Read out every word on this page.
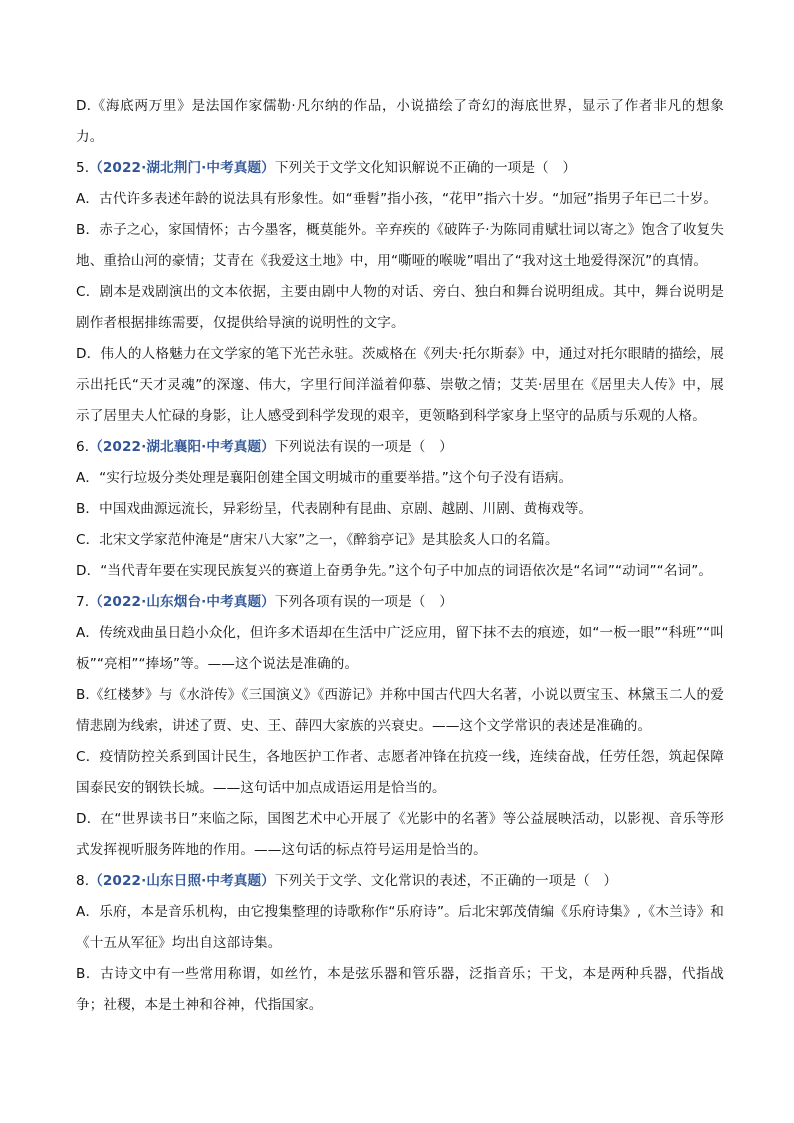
D.《海底两万里》是法国作家儒勒·凡尔纳的作品，小说描绘了奇幻的海底世界，显示了作者非凡的想象力。

5.（2022·湖北荆门·中考真题）下列关于文学文化知识解说不正确的一项是（　）

A．古代许多表述年龄的说法具有形象性。如“垂髫”指小孩，“花甲”指六十岁。“加冠”指男子年已二十岁。

B．赤子之心，家国情怀；古今墨客，概莫能外。辛弃疾的《破阵子·为陈同甫赋壮词以寄之》饱含了收复失地、重拾山河的豪情；艾青在《我爱这土地》中，用“嘶哑的喉咙”唱出了“我对这土地爱得深沉”的真情。

C．剧本是戏剧演出的文本依据，主要由剧中人物的对话、旁白、独白和舞台说明组成。其中，舞台说明是剧作者根据排练需要，仅提供给导演的说明性的文字。

D．伟人的人格魅力在文学家的笔下光芒永驻。茨威格在《列夫·托尔斯泰》中，通过对托尔眼睛的描绘，展示出托氏“天才灵魂”的深邃、伟大，字里行间洋溢着仰慕、崇敬之情；艾芙·居里在《居里夫人传》中，展示了居里夫人忙碌的身影，让人感受到科学发现的艰辛，更领略到科学家身上坚守的品质与乐观的人格。

6.（2022·湖北襄阳·中考真题）下列说法有误的一项是（　）

A．“实行垃圾分类处理是襄阳创建全国文明城市的重要举措。”这个句子没有语病。

B．中国戏曲源远流长，异彩纷呈，代表剧种有昆曲、京剧、越剧、川剧、黄梅戏等。

C．北宋文学家范仲淹是“唐宋八大家”之一，《醉翁亭记》是其脍炙人口的名篇。

D．“当代青年要在实现民族复兴的赛道上奋勇争先。”这个句子中加点的词语依次是“名词”“动词”“名词”。

7.（2022·山东烟台·中考真题）下列各项有误的一项是（　）

A．传统戏曲虽日趋小众化，但许多术语却在生活中广泛应用，留下抹不去的痕迹，如“一板一眼”“科班”“叫板”“亮相”“捧场”等。——这个说法是准确的。

B.《红楼梦》与《水浒传》《三国演义》《西游记》并称中国古代四大名著，小说以贾宝玉、林黛玉二人的爱情悲剧为线索，讲述了贾、史、王、薛四大家族的兴衰史。——这个文学常识的表述是准确的。

C．疫情防控关系到国计民生，各地医护工作者、志愿者冲锋在抗疫一线，连续奋战，任劳任怨，筑起保障国泰民安的钢铁长城。——这句话中加点成语运用是恰当的。

D．在“世界读书日”来临之际，国图艺术中心开展了《光影中的名著》等公益展映活动，以影视、音乐等形式发挥视听服务阵地的作用。——这句话的标点符号运用是恰当的。

8.（2022·山东日照·中考真题）下列关于文学、文化常识的表述，不正确的一项是（　）

A．乐府，本是音乐机构，由它搜集整理的诗歌称作“乐府诗”。后北宋郭茂倩编《乐府诗集》,《木兰诗》和《十五从军征》均出自这部诗集。

B．古诗文中有一些常用称谓，如丝竹，本是弦乐器和管乐器，泛指音乐；干戈，本是两种兵器，代指战争；社稷，本是土神和谷神，代指国家。
